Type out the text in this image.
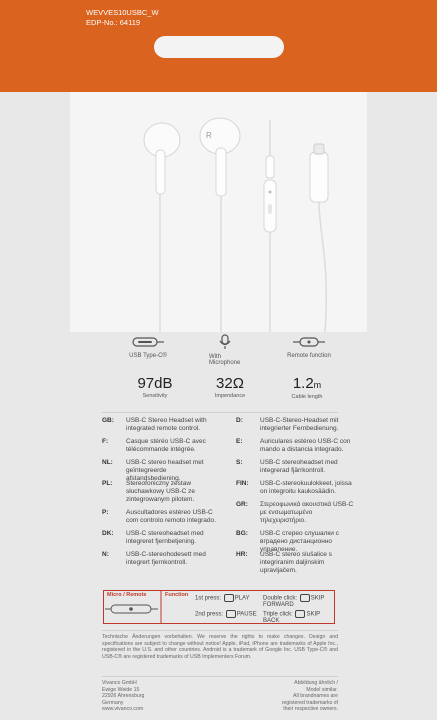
WEVVES10USBC_W
EDP-No.: 64119
R
USB Type-C®	With
Microphone
Remote function
97dB
Sensitivity
32Ω
Impendance
1.2m
Cable length
GB: USB-C Stereo Headset with integrated remote control.
F:	Casque stéréo USB-C avec télécommande intégrée.
NL: USB-C stereo headset met geïntegreerde afstandsbediening.
PL: Stereofoniczny zestaw słuchawkowy USB-C ze zintegrowanym pilotem.
P:	Auscultadores estéreo USB-C com controlo remoto integrado.
DK: USB-C stereoheadset med integreret fjernbetjening.
N:	USB-C-stereohodesett med integrert fjernkontroll.
D:	USB-C-Stereo-Headset mit integrierter Fernbedienung.
E:	Auriculares estéreo USB-C con mando a distancia integrado.
S:	USB-C stereoheadset med integrerad fjärrkontroll.
FIN: USB-C-stereokuulokkeet, joissa on integroitu kaukosäädin.
GR: Στερεοφωνικά ακουστικά USB-C με ενσωματωμένο τηλεχειριστήριο.
BG: USB-C стерео слушалки с вградено дистанционно управление.
HR: USB-C stereo slušalice s integriranim daljinskim upravljačem.
Micro / Remote	Function
1st press: PLAY
2nd press: PAUSE
Double click: SKIP FORWARD
Triple click: SKIP BACK
Technische Änderungen vorbehalten. We reserve the rights to make changes. Design and specifications are subject to change without notice! Apple, iPad, iPhone are trademarks of Apple Inc., registered in the U.S. and other countries. Android is a trademark of Google Inc. USB Type-C® and USB-C® are registered trademarks of USB Implementers Forum.
Vivanco GmbH
Ewige Weide 15
22926 Ahrensburg
Germany
www.vivanco.com
Abbildung ähnlich /
Model similar.
All brandnames are
registered trademarks of
their respective owners.
